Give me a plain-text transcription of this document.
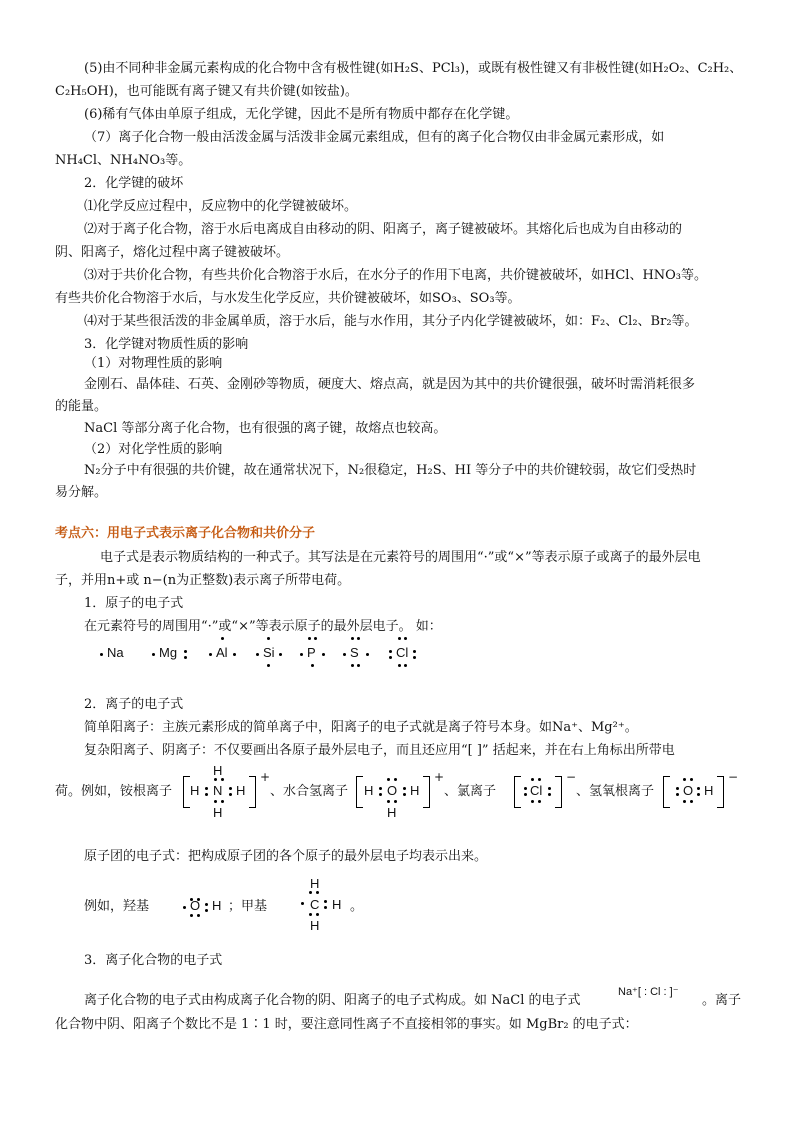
(5)由不同种非金属元素构成的化合物中含有极性键(如H₂S、PCl₃)，或既有极性键又有非极性键(如H₂O₂、C₂H₂、
C₂H₅OH)，也可能既有离子键又有共价键(如铵盐)。
(6)稀有气体由单原子组成，无化学键，因此不是所有物质中都存在化学键。
（7）离子化合物一般由活泼金属与活泼非金属元素组成，但有的离子化合物仅由非金属元素形成，如
NH₄Cl、NH₄NO₃等。
2．化学键的破坏
⑴化学反应过程中，反应物中的化学键被破坏。
⑵对于离子化合物，溶于水后电离成自由移动的阴、阳离子，离子键被破坏。其熔化后也成为自由移动的
阴、阳离子，熔化过程中离子键被破坏。
⑶对于共价化合物，有些共价化合物溶于水后，在水分子的作用下电离，共价键被破坏，如HCl、HNO₃等。
有些共价化合物溶于水后，与水发生化学反应，共价键被破坏，如SO₃、SO₃等。
⑷对于某些很活泼的非金属单质，溶于水后，能与水作用，其分子内化学键被破坏，如：F₂、Cl₂、Br₂等。
3．化学键对物质性质的影响
（1）对物理性质的影响
金刚石、晶体硅、石英、金刚砂等物质，硬度大、熔点高，就是因为其中的共价键很强，破坏时需消耗很多
的能量。
NaCl 等部分离子化合物，也有很强的离子键，故熔点也较高。
（2）对化学性质的影响
N₂分子中有很强的共价键，故在通常状况下，N₂很稳定，H₂S、HI 等分子中的共价键较弱，故它们受热时
易分解。
考点六：用电子式表示离子化合物和共价分子
电子式是表示物质结构的一种式子。其写法是在元素符号的周围用“·”或“×”等表示原子或离子的最外层电
子，并用n+或 n−(n为正整数)表示离子所带电荷。
1．原子的电子式
在元素符号的周围用“·”或“×”等表示原子的最外层电子。 如：
Na	Mg	Al	Si P	S	Cl
2．离子的电子式
简单阳离子：主族元素形成的简单离子中，阳离子的电子式就是离子符号本身。如Na⁺、Mg²⁺。
复杂阳离子、阴离子：不仅要画出各原子最外层电子，而且还应用“[ ]” 括起来，并在右上角标出所带电
荷。例如，铵根离子 H
H
N
H
H
+
、水合氢离子 H O
H
H
+
、氯离子	Cl
−
、氢氧根离子 O H
−
原子团的电子式：把构成原子团的各个原子的最外层电子均表示出来。
例如，羟基	O H ；甲基
H
C H
H
。
3．离子化合物的电子式
离子化合物的电子式由构成离子化合物的阴、阳离子的电子式构成。如 NaCl 的电子式
Na⁺[ : Cl : ]⁻
。离子
化合物中阴、阳离子个数比不是 1∶1 时，要注意同性离子不直接相邻的事实。如 MgBr₂ 的电子式：
